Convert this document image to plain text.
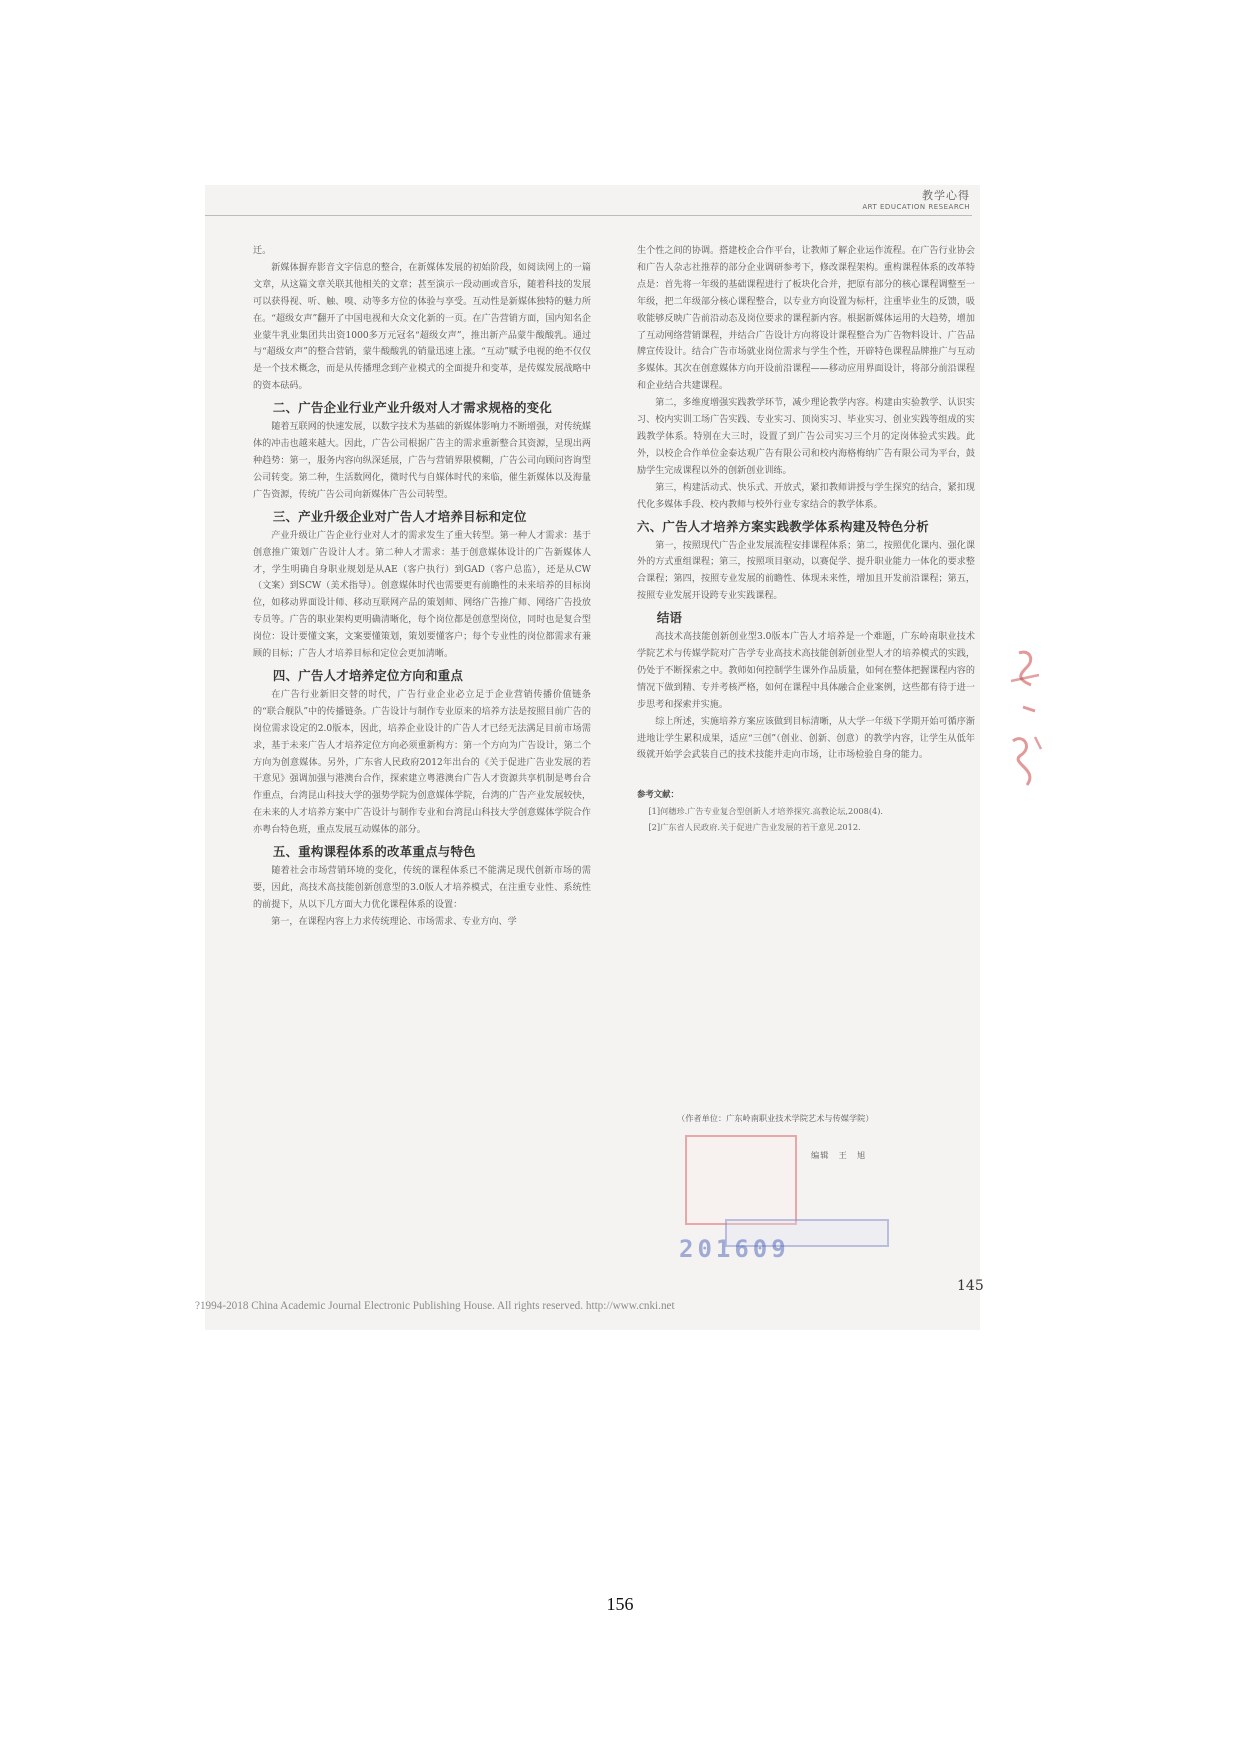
教学心得
ART EDUCATION RESEARCH

迁。

新媒体摒弃影音文字信息的整合，在新媒体发展的初始阶段，如阅读网上的一篇文章，从这篇文章关联其他相关的文章；甚至演示一段动画或音乐，随着科技的发展可以获得视、听、触、嗅、动等多方位的体验与享受。互动性是新媒体独特的魅力所在。“超级女声”翻开了中国电视和大众文化新的一页。在广告营销方面，国内知名企业蒙牛乳业集团共出资1000多万元冠名“超级女声”，推出新产品蒙牛酸酸乳。通过与“超级女声”的整合营销，蒙牛酸酸乳的销量迅速上涨。“互动”赋予电视的绝不仅仅是一个技术概念，而是从传播理念到产业模式的全面提升和变革，是传媒发展战略中的资本砝码。

二、广告企业行业产业升级对人才需求规格的变化

随着互联网的快速发展，以数字技术为基础的新媒体影响力不断增强，对传统媒体的冲击也越来越大。因此，广告公司根据广告主的需求重新整合其资源，呈现出两种趋势：第一，服务内容向纵深延展，广告与营销界限模糊，广告公司向顾问咨询型公司转变。第二种，生活数网化，微时代与自媒体时代的来临，催生新媒体以及海量广告资源，传统广告公司向新媒体广告公司转型。

三、产业升级企业对广告人才培养目标和定位

产业升级让广告企业行业对人才的需求发生了重大转型。第一种人才需求：基于创意推广策划广告设计人才。第二种人才需求：基于创意媒体设计的广告新媒体人才，学生明确自身职业规划是从AE（客户执行）到GAD（客户总监），还是从CW（文案）到SCW（美术指导）。创意媒体时代也需要更有前瞻性的未来培养的目标岗位，如移动界面设计师、移动互联网产品的策划师、网络广告推广师、网络广告投放专员等。广告的职业架构更明确清晰化，每个岗位都是创意型岗位，同时也是复合型岗位：设计要懂文案，文案要懂策划，策划要懂客户；每个专业性的岗位都需求有兼顾的目标；广告人才培养目标和定位会更加清晰。

四、广告人才培养定位方向和重点

在广告行业新旧交替的时代，广告行业企业必立足于企业营销传播价值链条的“联合舰队”中的传播链条。广告设计与制作专业原来的培养方法是按照目前广告的岗位需求设定的2.0版本，因此，培养企业设计的广告人才已经无法满足目前市场需求，基于未来广告人才培养定位方向必须重新构方：第一个方向为广告设计，第二个方向为创意媒体。另外，广东省人民政府2012年出台的《关于促进广告业发展的若干意见》强调加强与港澳台合作，探索建立粤港澳台广告人才资源共享机制是粤台合作重点，台湾昆山科技大学的强势学院为创意媒体学院，台湾的广告产业发展较快，在未来的人才培养方案中广告设计与制作专业和台湾昆山科技大学创意媒体学院合作亦粤台特色班，重点发展互动媒体的部分。

五、重构课程体系的改革重点与特色

随着社会市场营销环境的变化，传统的课程体系已不能满足现代创新市场的需要，因此，高技术高技能创新创意型的3.0版人才培养模式，在注重专业性、系统性的前提下，从以下几方面大力优化课程体系的设置：

第一，在课程内容上力求传统理论、市场需求、专业方向、学

生个性之间的协调。搭建校企合作平台，让教师了解企业运作流程。在广告行业协会和广告人杂志社推荐的部分企业调研参考下，修改课程架构。重构课程体系的改革特点是：首先将一年级的基础课程进行了板块化合并，把原有部分的核心课程调整至一年级，把二年级部分核心课程整合，以专业方向设置为标杆，注重毕业生的反馈，吸收能够反映广告前沿动态及岗位要求的课程新内容。根据新媒体运用的大趋势，增加了互动网络营销课程，并结合广告设计方向将设计课程整合为广告物料设计、广告品牌宣传设计。结合广告市场就业岗位需求与学生个性，开辟特色课程品牌推广与互动多媒体。其次在创意媒体方向开设前沿课程——移动应用界面设计，将部分前沿课程和企业结合共建课程。

第二，多维度增强实践教学环节，减少理论教学内容。构建由实验教学、认识实习、校内实训工场广告实践、专业实习、顶岗实习、毕业实习、创业实践等组成的实践教学体系。特别在大三时，设置了到广告公司实习三个月的定岗体验式实践。此外，以校企合作单位金泰达观广告有限公司和校内海格梅纳广告有限公司为平台，鼓励学生完成课程以外的创新创业训练。

第三，构建活动式、快乐式、开放式，紧扣教师讲授与学生探究的结合，紧扣现代化多媒体手段、校内教师与校外行业专家结合的教学体系。

六、广告人才培养方案实践教学体系构建及特色分析

第一，按照现代广告企业发展流程安排课程体系；第二，按照优化课内、强化课外的方式重组课程；第三，按照项目驱动，以赛促学、提升职业能力一体化的要求整合课程；第四，按照专业发展的前瞻性、体现未来性，增加且开发前沿课程；第五，按照专业发展开设跨专业实践课程。

结语

高技术高技能创新创业型3.0版本广告人才培养是一个难题，广东岭南职业技术学院艺术与传媒学院对广告学专业高技术高技能创新创业型人才的培养模式的实践，仍处于不断探索之中。教师如何控制学生课外作品质量，如何在整体把握课程内容的情况下做到精、专并考核严格，如何在课程中具体融合企业案例，这些都有待于进一步思考和探索并实施。

综上所述，实施培养方案应该做到目标清晰，从大学一年级下学期开始可循序渐进地让学生累积成果，适应“三创”（创业、创新、创意）的教学内容，让学生从低年级就开始学会武装自己的技术技能并走向市场，让市场检验自身的能力。

参考文献：
[1]何穗珍.广告专业复合型创新人才培养探究.高教论坛,2008(4).
[2]广东省人民政府.关于促进广告业发展的若干意见.2012.
（作者单位：广东岭南职业技术学院艺术与传媒学院）
编辑　王　旭
201609
145
?1994-2018 China Academic Journal Electronic Publishing House. All rights reserved. http://www.cnki.net
156
